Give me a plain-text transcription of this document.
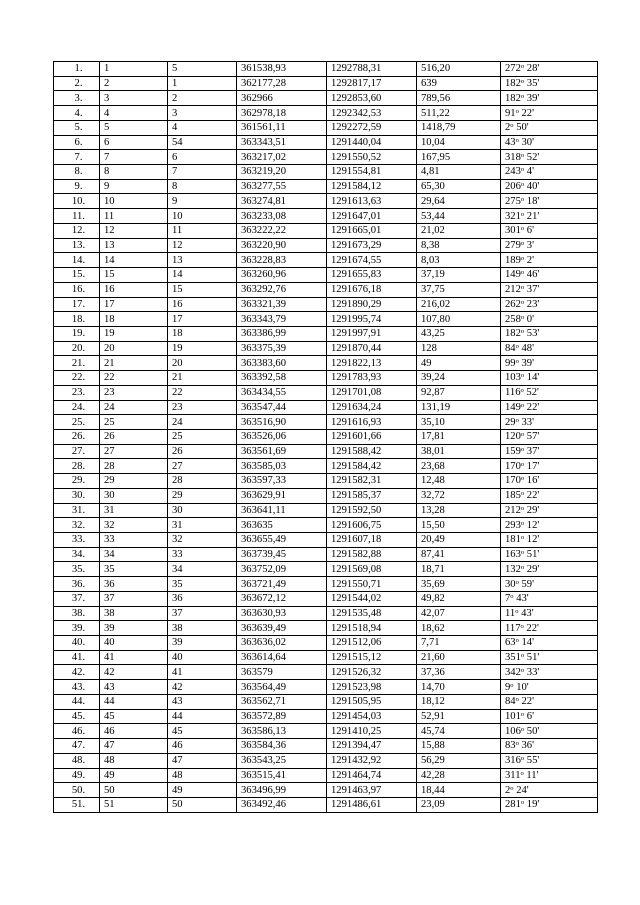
1.	1	5	361538,93	1292788,31	516,20	272$^o$ 28'
2.	2	1	362177,28	1292817,17	639	182$^o$ 35'
3.	3	2	362966	1292853,60	789,56	182$^o$ 39'
4.	4	3	362978,18	1292342,53	511,22	91$^o$ 22'
5.	5	4	361561,11	1292272,59	1418,79	2$^o$ 50'
6.	6	54	363343,51	1291440,04	10,04	43$^o$ 30'
7.	7	6	363217,02	1291550,52	167,95	318$^o$ 52'
8.	8	7	363219,20	1291554,81	4,81	243$^o$ 4'
9.	9	8	363277,55	1291584,12	65,30	206$^o$ 40'
10.	10	9	363274,81	1291613,63	29,64	275$^o$ 18'
11.	11	10	363233,08	1291647,01	53,44	321$^o$ 21'
12.	12	11	363222,22	1291665,01	21,02	301$^o$ 6'
13.	13	12	363220,90	1291673,29	8,38	279$^o$ 3'
14.	14	13	363228,83	1291674,55	8,03	189$^o$ 2'
15.	15	14	363260,96	1291655,83	37,19	149$^o$ 46'
16.	16	15	363292,76	1291676,18	37,75	212$^o$ 37'
17.	17	16	363321,39	1291890,29	216,02	262$^o$ 23'
18.	18	17	363343,79	1291995,74	107,80	258$^o$ 0'
19.	19	18	363386,99	1291997,91	43,25	182$^o$ 53'
20.	20	19	363375,39	1291870,44	128	84$^o$ 48'
21.	21	20	363383,60	1291822,13	49	99$^o$ 39'
22.	22	21	363392,58	1291783,93	39,24	103$^o$ 14'
23.	23	22	363434,55	1291701,08	92,87	116$^o$ 52'
24.	24	23	363547,44	1291634,24	131,19	149$^o$ 22'
25.	25	24	363516,90	1291616,93	35,10	29$^o$ 33'
26.	26	25	363526,06	1291601,66	17,81	120$^o$ 57'
27.	27	26	363561,69	1291588,42	38,01	159$^o$ 37'
28.	28	27	363585,03	1291584,42	23,68	170$^o$ 17'
29.	29	28	363597,33	1291582,31	12,48	170$^o$ 16'
30.	30	29	363629,91	1291585,37	32,72	185$^o$ 22'
31.	31	30	363641,11	1291592,50	13,28	212$^o$ 29'
32.	32	31	363635	1291606,75	15,50	293$^o$ 12'
33.	33	32	363655,49	1291607,18	20,49	181$^o$ 12'
34.	34	33	363739,45	1291582,88	87,41	163$^o$ 51'
35.	35	34	363752,09	1291569,08	18,71	132$^o$ 29'
36.	36	35	363721,49	1291550,71	35,69	30$^o$ 59'
37.	37	36	363672,12	1291544,02	49,82	7$^o$ 43'
38.	38	37	363630,93	1291535,48	42,07	11$^o$ 43'
39.	39	38	363639,49	1291518,94	18,62	117$^o$ 22'
40.	40	39	363636,02	1291512,06	7,71	63$^o$ 14'
41.	41	40	363614,64	1291515,12	21,60	351$^o$ 51'
42.	42	41	363579	1291526,32	37,36	342$^o$ 33'
43.	43	42	363564,49	1291523,98	14,70	9$^o$ 10'
44.	44	43	363562,71	1291505,95	18,12	84$^o$ 22'
45.	45	44	363572,89	1291454,03	52,91	101$^o$ 6'
46.	46	45	363586,13	1291410,25	45,74	106$^o$ 50'
47.	47	46	363584,36	1291394,47	15,88	83$^o$ 36'
48.	48	47	363543,25	1291432,92	56,29	316$^o$ 55'
49.	49	48	363515,41	1291464,74	42,28	311$^o$ 11'
50.	50	49	363496,99	1291463,97	18,44	2$^o$ 24'
51.	51	50	363492,46	1291486,61	23,09	281$^o$ 19'
